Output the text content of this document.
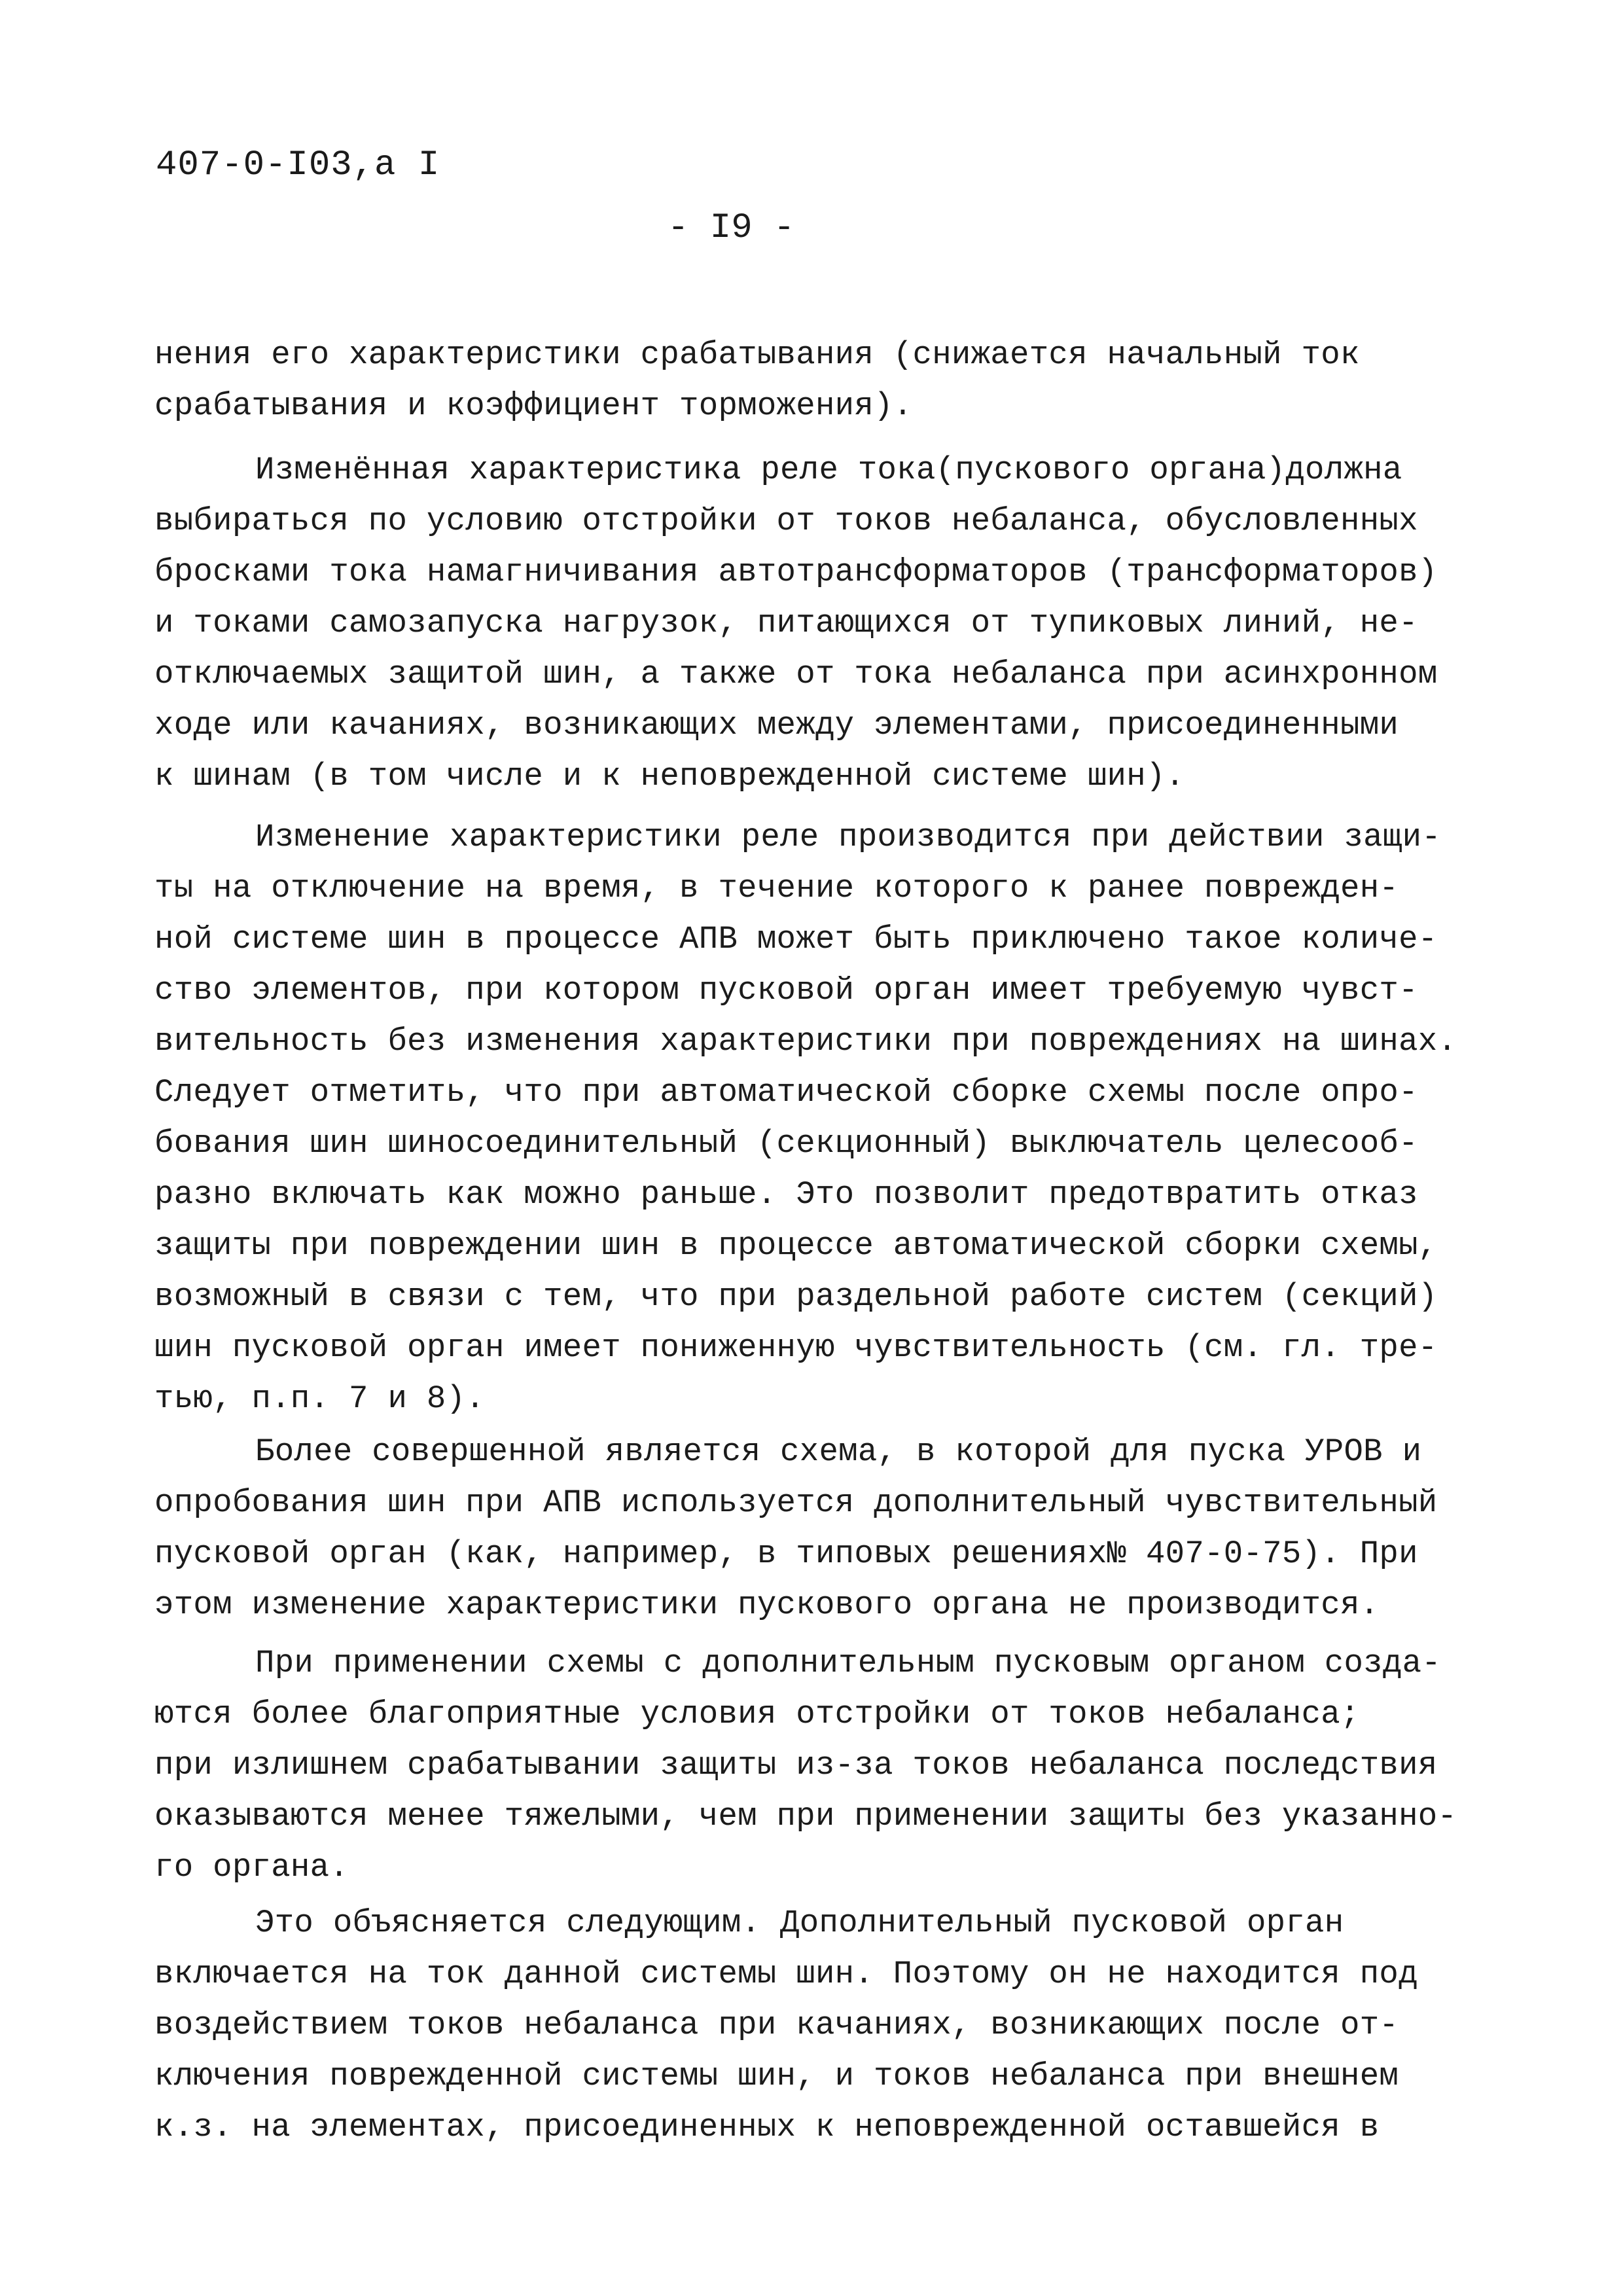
407-0-I03,а I
- I9 -
нения его характеристики срабатывания (снижается начальный ток
срабатывания и коэффициент торможения).
Изменённая характеристика реле тока(пускового органа)должна
выбираться по условию отстройки от токов небаланса, обусловленных
бросками тока намагничивания автотрансформаторов (трансформаторов)
и токами самозапуска нагрузок, питающихся от тупиковых линий, не-
отключаемых защитой шин, а также от тока небаланса при асинхронном
ходе или качаниях, возникающих между элементами, присоединенными
к шинам (в том числе и к неповрежденной системе шин).
Изменение характеристики реле производится при действии защи-
ты на отключение на время, в течение которого к ранее поврежден-
ной системе шин в процессе АПВ может быть приключено такое количе-
ство элементов, при котором пусковой орган имеет требуемую чувст-
вительность без изменения характеристики при повреждениях на шинах.
Следует отметить, что при автоматической сборке схемы после опро-
бования шин шиносоединительный (секционный) выключатель целесооб-
разно включать как можно раньше. Это позволит предотвратить отказ
защиты при повреждении шин в процессе автоматической сборки схемы,
возможный в связи с тем, что при раздельной работе систем (секций)
шин пусковой орган имеет пониженную чувствительность (см. гл. тре-
тью, п.п. 7 и 8).
Более совершенной является схема, в которой для пуска УРОВ и
опробования шин при АПВ используется дополнительный чувствительный
пусковой орган (как, например, в типовых решениях№ 407-0-75). При
этом изменение характеристики пускового органа не производится.
При применении схемы с дополнительным пусковым органом созда-
ются более благоприятные условия отстройки от токов небаланса;
при излишнем срабатывании защиты из-за токов небаланса последствия
оказываются менее тяжелыми, чем при применении защиты без указанно-
го органа.
Это объясняется следующим. Дополнительный пусковой орган
включается на ток данной системы шин. Поэтому он не находится под
воздействием токов небаланса при качаниях, возникающих после от-
ключения поврежденной системы шин, и токов небаланса при внешнем
к.з. на элементах, присоединенных к неповрежденной оставшейся в
